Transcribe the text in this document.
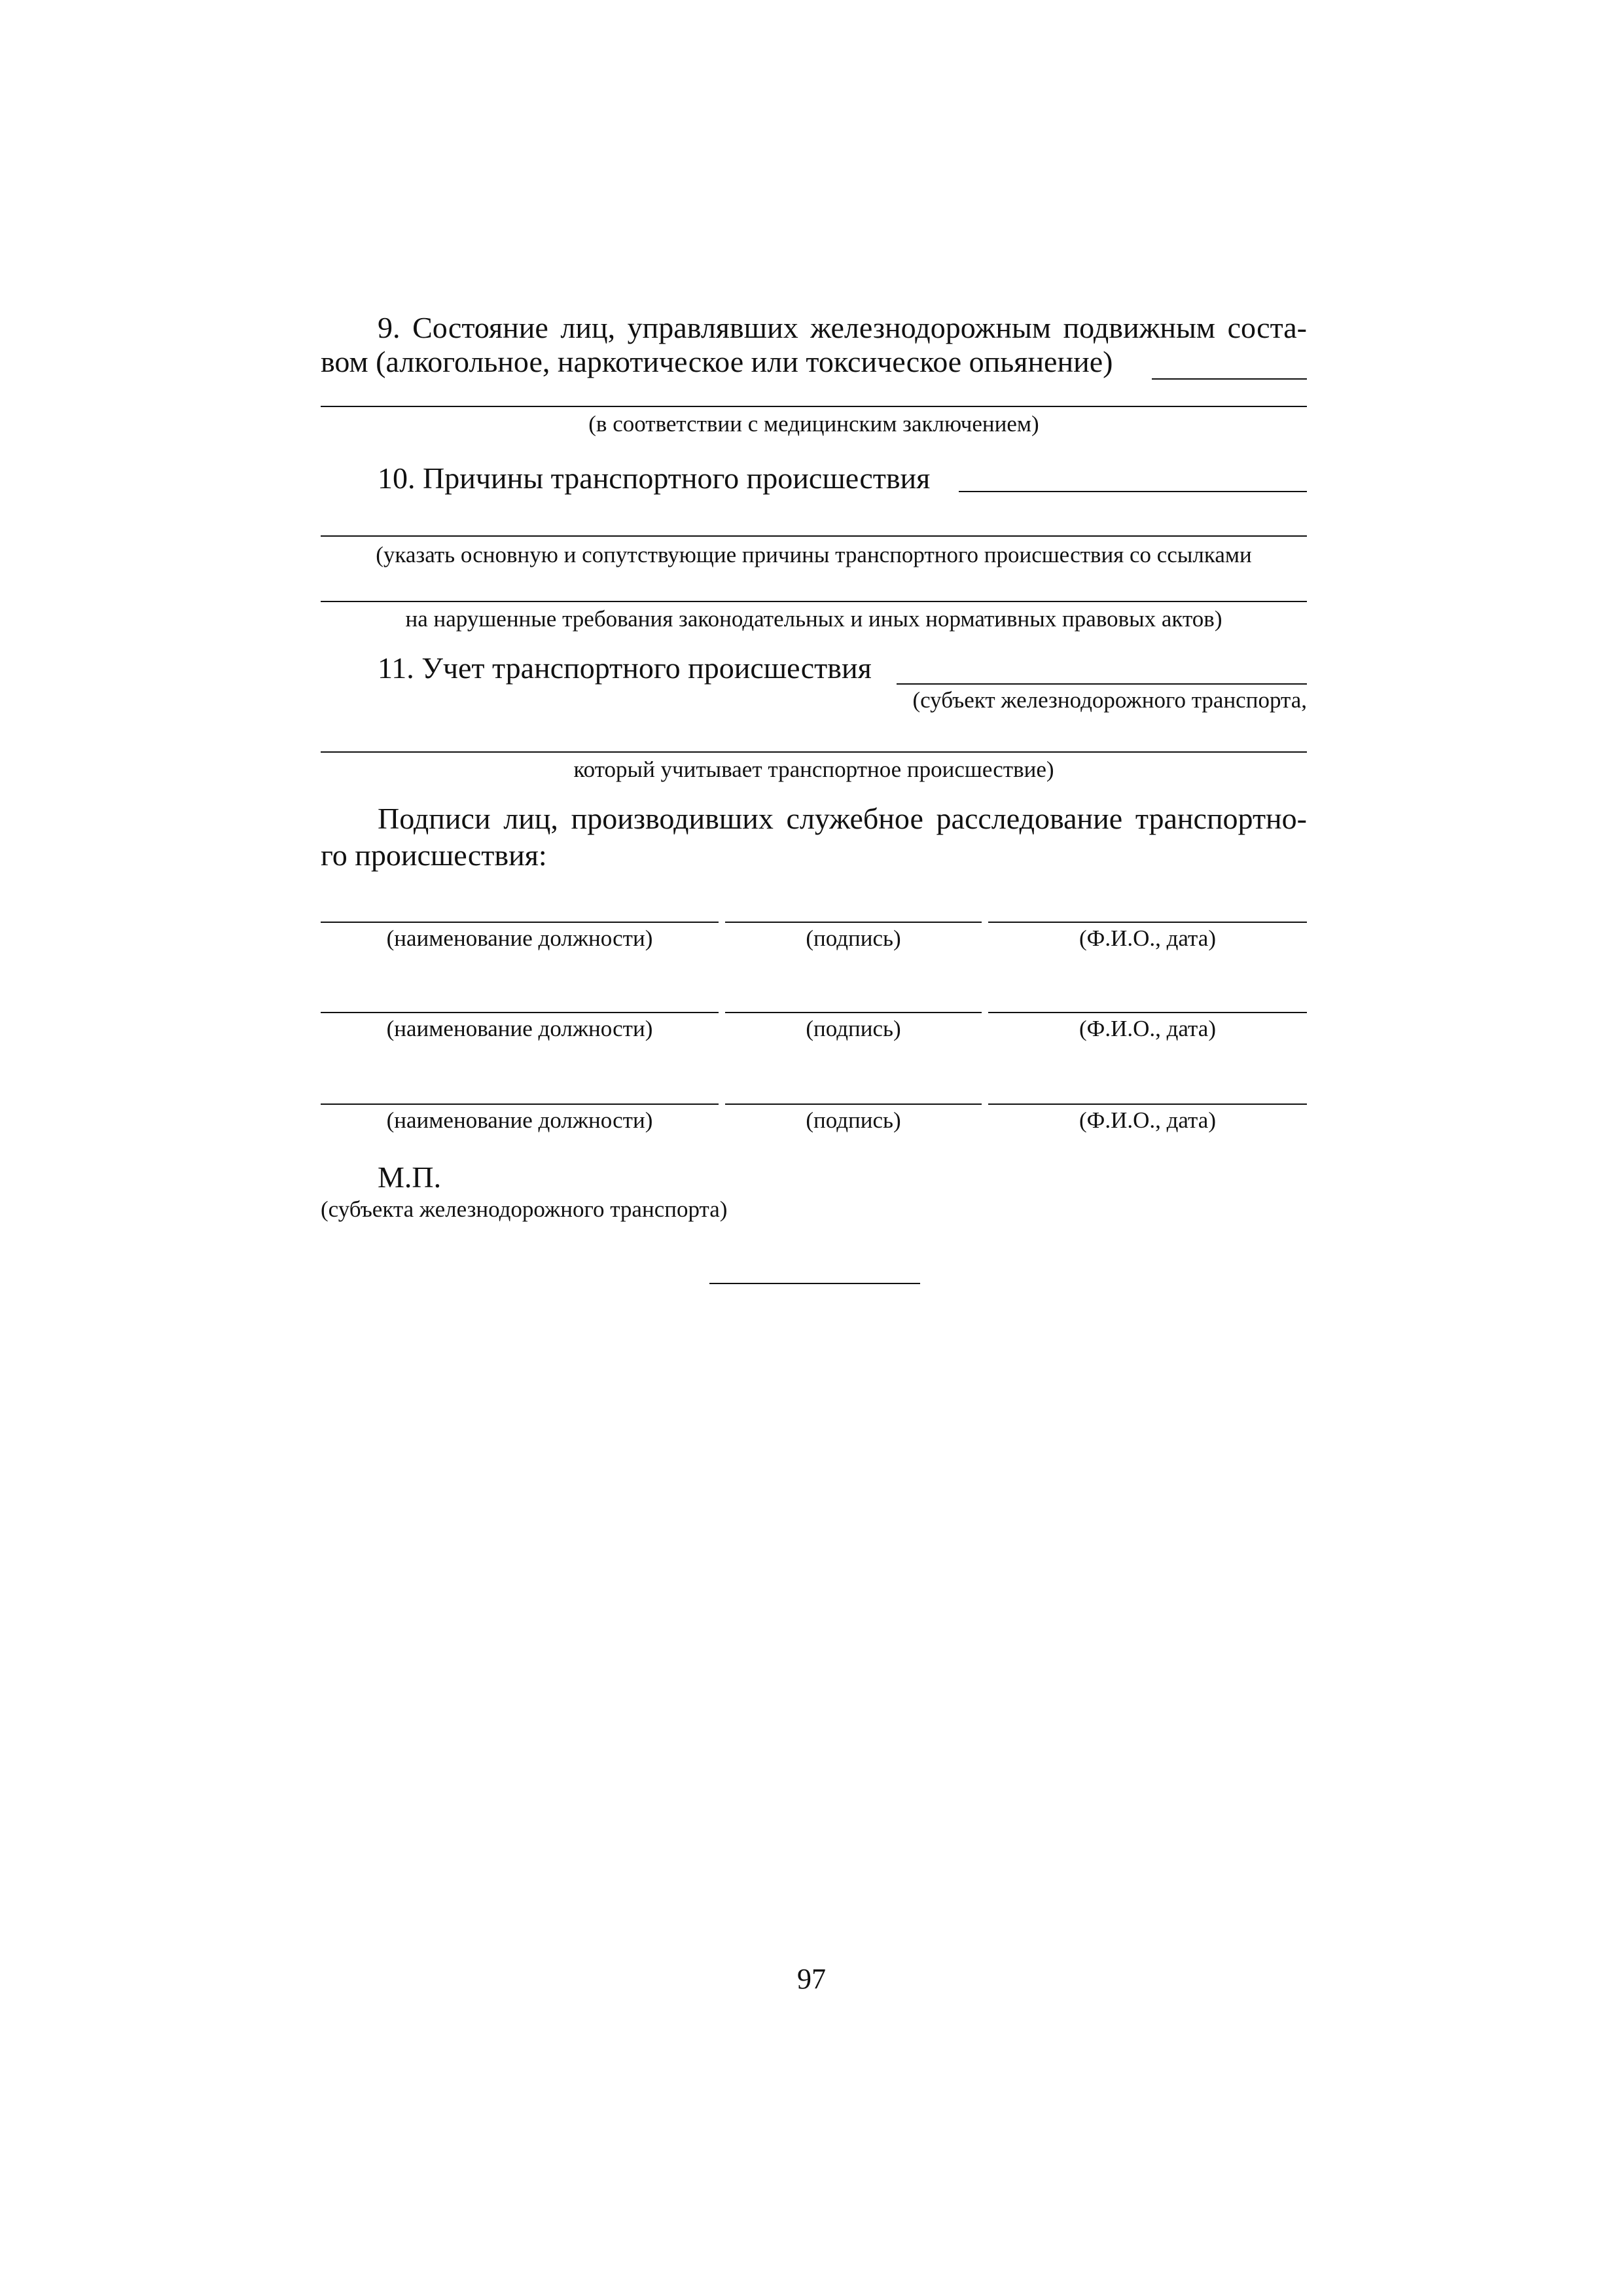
9. Состояние лиц, управлявших железнодорожным подвижным соста-
вом (алкогольное, наркотическое или токсическое опьянение)
(в соответствии с медицинским заключением)
10. Причины транспортного происшествия
(указать основную и сопутствующие причины транспортного происшествия со ссылками
на нарушенные требования законодательных и иных нормативных правовых актов)
11. Учет транспортного происшествия
(субъект железнодорожного транспорта,
который учитывает транспортное происшествие)
Подписи лиц, производивших служебное расследование транспортно-
го происшествия:
(наименование должности)	(подпись)	(Ф.И.О., дата)
(наименование должности)	(подпись)	(Ф.И.О., дата)
(наименование должности)	(подпись)	(Ф.И.О., дата)
М.П.
(субъекта железнодорожного транспорта)
97
